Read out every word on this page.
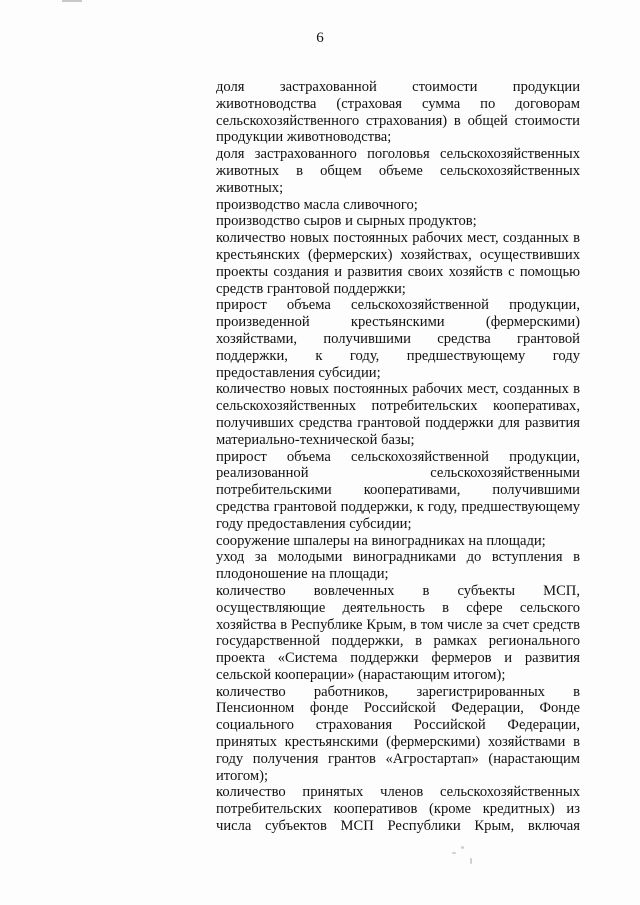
6

доля застрахованной стоимости продукции животноводства (страховая сумма по договорам сельскохозяйственного страхования) в общей стоимости продукции животноводства;

доля застрахованного поголовья сельскохозяйственных животных в общем объеме сельскохозяйственных животных;

производство масла сливочного;

производство сыров и сырных продуктов;

количество новых постоянных рабочих мест, созданных в крестьянских (фермерских) хозяйствах, осуществивших проекты создания и развития своих хозяйств с помощью средств грантовой поддержки;

прирост объема сельскохозяйственной продукции, произведенной крестьянскими (фермерскими) хозяйствами, получившими средства грантовой поддержки, к году, предшествующему году предоставления субсидии;

количество новых постоянных рабочих мест, созданных в сельскохозяйственных потребительских кооперативах, получивших средства грантовой поддержки для развития материально-технической базы;

прирост объема сельскохозяйственной продукции, реализованной сельскохозяйственными потребительскими кооперативами, получившими средства грантовой поддержки, к году, предшествующему году предоставления субсидии;

сооружение шпалеры на виноградниках на площади;

уход за молодыми виноградниками до вступления в плодоношение на площади;

количество вовлеченных в субъекты МСП, осуществляющие деятельность в сфере сельского хозяйства в Республике Крым, в том числе за счет средств государственной поддержки, в рамках регионального проекта «Система поддержки фермеров и развития сельской кооперации» (нарастающим итогом);

количество работников, зарегистрированных в Пенсионном фонде Российской Федерации, Фонде социального страхования Российской Федерации, принятых крестьянскими (фермерскими) хозяйствами в году получения грантов «Агростартап» (нарастающим итогом);

количество принятых членов сельскохозяйственных потребительских кооперативов (кроме кредитных) из числа субъектов МСП Республики Крым, включая
